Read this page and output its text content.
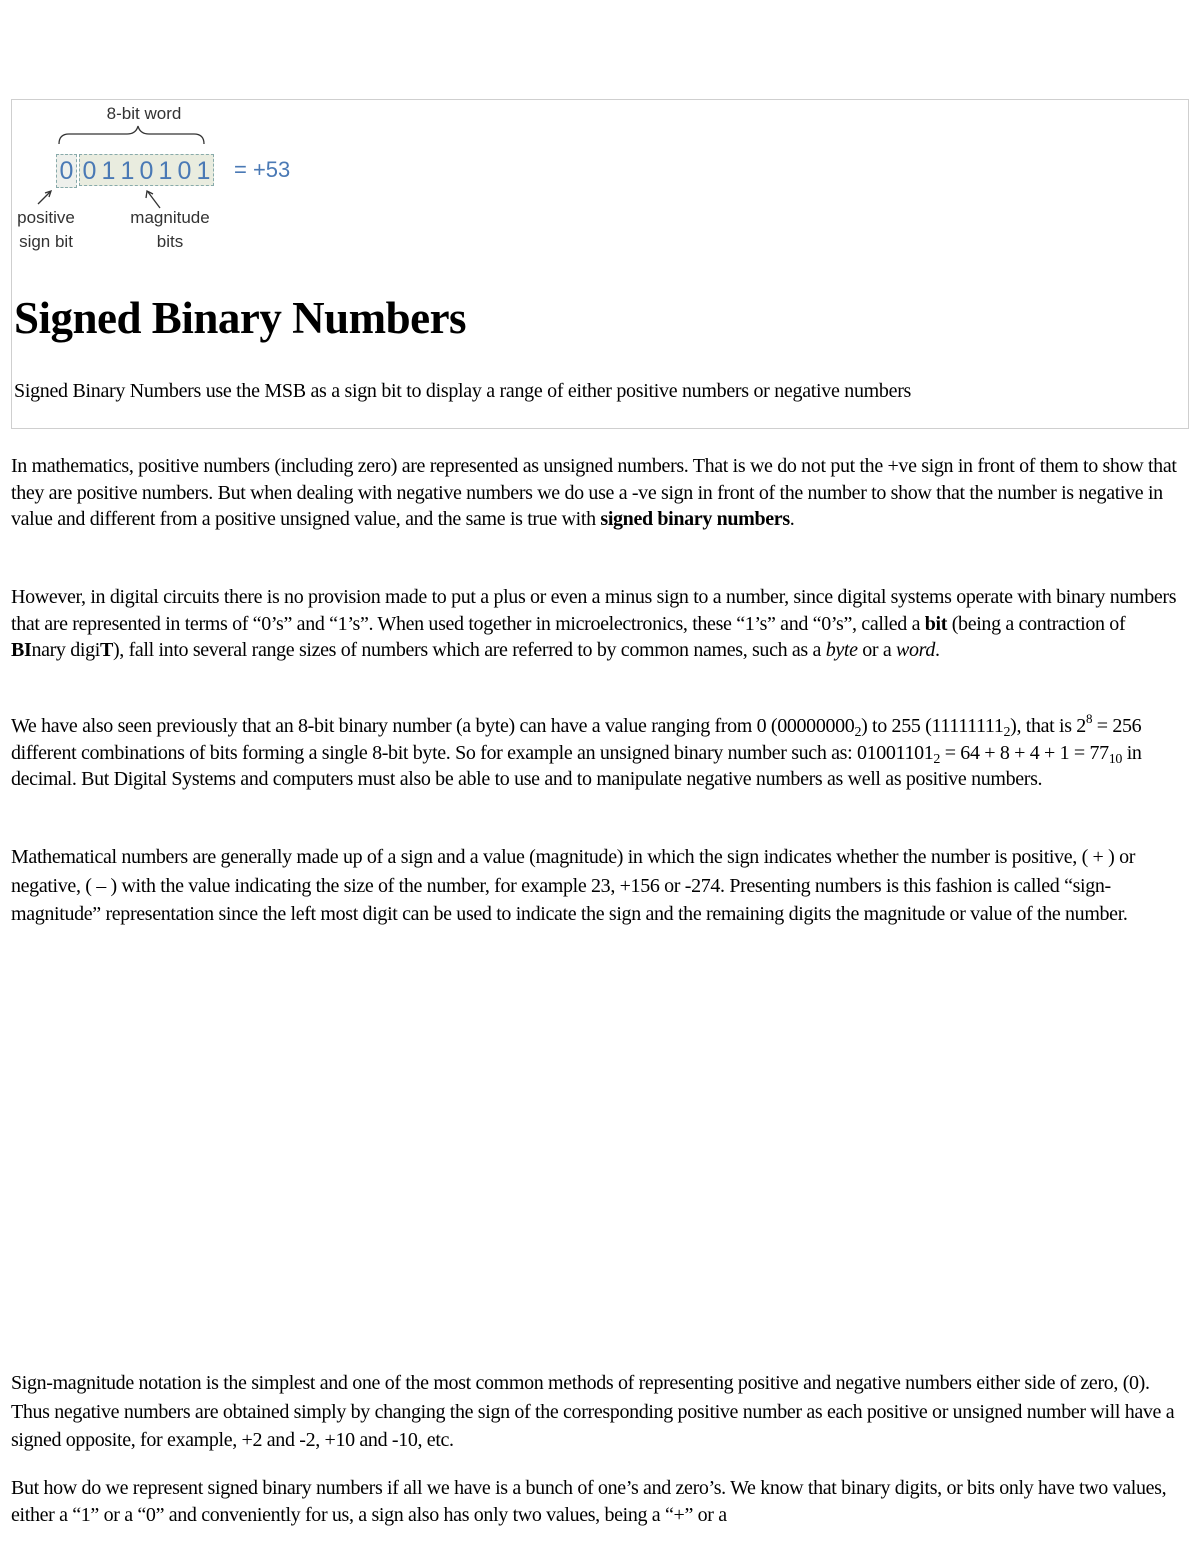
8-bit word
0 0 1 1 0 1 0 1 = +53
positive
sign bit
magnitude
bits
Signed Binary Numbers

Signed Binary Numbers use the MSB as a sign bit to display a range of either positive numbers or negative numbers

In mathematics, positive numbers (including zero) are represented as unsigned numbers. That is we do not put the +ve sign in front of them to show that they are positive numbers. But when dealing with negative numbers we do use a -ve sign in front of the number to show that the number is negative in value and different from a positive unsigned value, and the same is true with signed binary numbers.

However, in digital circuits there is no provision made to put a plus or even a minus sign to a number, since digital systems operate with binary numbers that are represented in terms of “0’s” and “1’s”. When used together in microelectronics, these “1’s” and “0’s”, called a bit (being a contraction of BInary digiT), fall into several range sizes of numbers which are referred to by common names, such as a byte or a word.

We have also seen previously that an 8-bit binary number (a byte) can have a value ranging from 0 $(00000000_2)$ to 255 $(11111111_2)$, that is $2^8 = 256$ different combinations of bits forming a single 8-bit byte. So for example an unsigned binary number such as: $01001101_2 = 64 + 8 + 4 + 1 = 77_{10}$ in decimal. But Digital Systems and computers must also be able to use and to manipulate negative numbers as well as positive numbers.

Mathematical numbers are generally made up of a sign and a value (magnitude) in which the sign indicates whether the number is positive, ( + ) or negative, ( – ) with the value indicating the size of the number, for example 23, +156 or -274. Presenting numbers is this fashion is called “sign-magnitude” representation since the left most digit can be used to indicate the sign and the remaining digits the magnitude or value of the number.

Sign-magnitude notation is the simplest and one of the most common methods of representing positive and negative numbers either side of zero, (0). Thus negative numbers are obtained simply by changing the sign of the corresponding positive number as each positive or unsigned number will have a signed opposite, for example, +2 and -2, +10 and -10, etc.

But how do we represent signed binary numbers if all we have is a bunch of one’s and zero’s. We know that binary digits, or bits only have two values, either a “1” or a “0” and conveniently for us, a sign also has only two values, being a “+” or a
